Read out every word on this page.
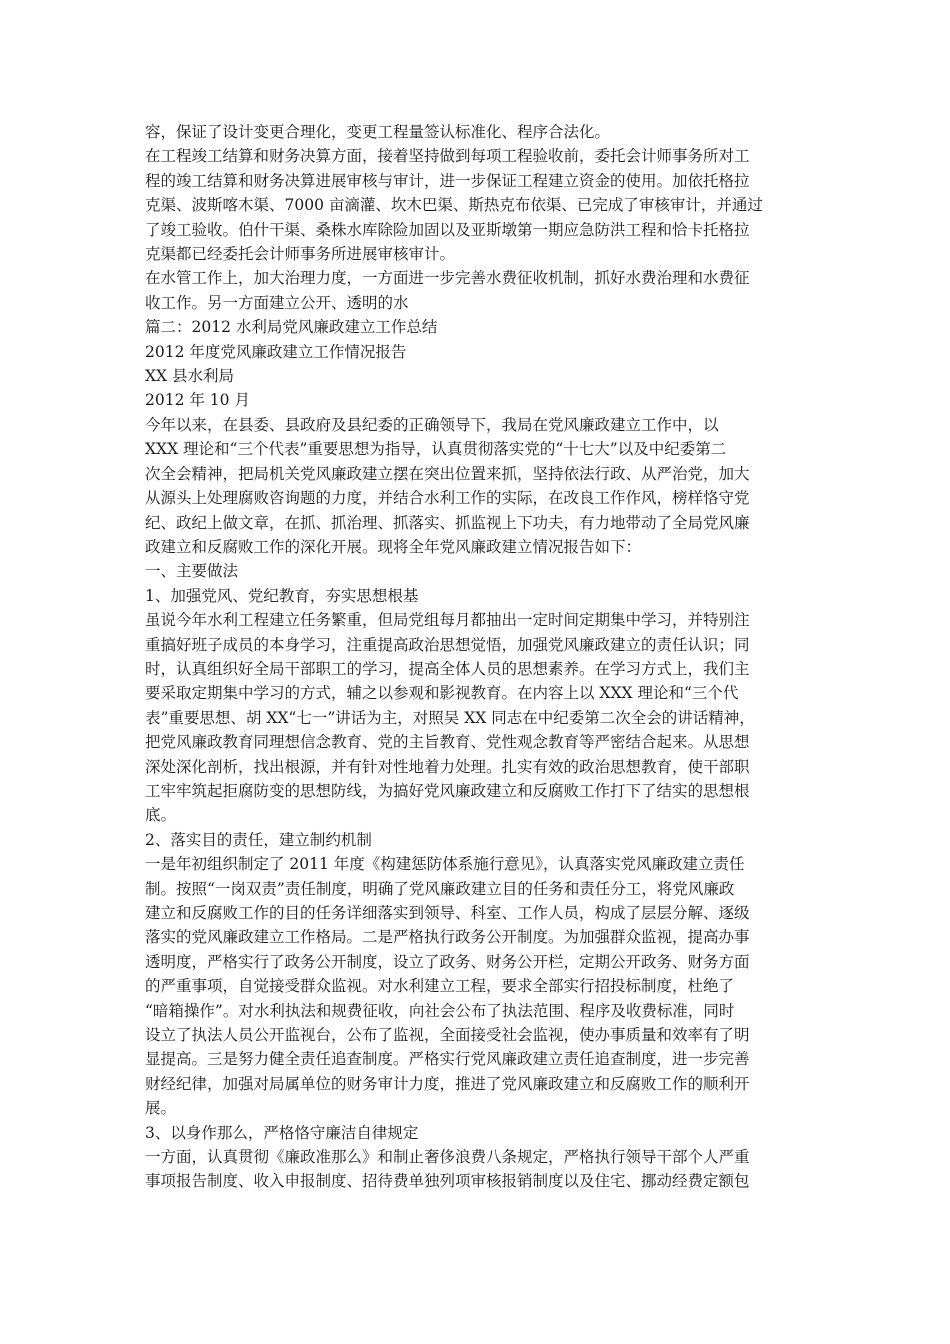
容，保证了设计变更合理化，变更工程量签认标准化、程序合法化。
在工程竣工结算和财务决算方面，接着坚持做到每项工程验收前，委托会计师事务所对工
程的竣工结算和财务决算进展审核与审计，进一步保证工程建立资金的使用。加依托格拉
克渠、波斯喀木渠、7000 亩滴灌、坎木巴渠、斯热克布依渠、已完成了审核审计，并通过
了竣工验收。伯什干渠、桑株水库除险加固以及亚斯墩第一期应急防洪工程和恰卡托格拉
克渠都已经委托会计师事务所进展审核审计。
在水管工作上，加大治理力度，一方面进一步完善水费征收机制，抓好水费治理和水费征
收工作。另一方面建立公开、透明的水
篇二：2012 水利局党风廉政建立工作总结
2012 年度党风廉政建立工作情况报告
XX 县水利局
2012 年 10 月
今年以来，在县委、县政府及县纪委的正确领导下，我局在党风廉政建立工作中，以
XXX 理论和“三个代表”重要思想为指导，认真贯彻落实党的“十七大”以及中纪委第二
次全会精神，把局机关党风廉政建立摆在突出位置来抓，坚持依法行政、从严治党，加大
从源头上处理腐败咨询题的力度，并结合水利工作的实际，在改良工作作风，榜样恪守党
纪、政纪上做文章，在抓、抓治理、抓落实、抓监视上下功夫，有力地带动了全局党风廉
政建立和反腐败工作的深化开展。现将全年党风廉政建立情况报告如下：
一、主要做法
1、加强党风、党纪教育，夯实思想根基
虽说今年水利工程建立任务繁重，但局党组每月都抽出一定时间定期集中学习，并特别注
重搞好班子成员的本身学习，注重提高政治思想觉悟，加强党风廉政建立的责任认识；同
时，认真组织好全局干部职工的学习，提高全体人员的思想素养。在学习方式上，我们主
要采取定期集中学习的方式，辅之以参观和影视教育。在内容上以 XXX 理论和“三个代
表”重要思想、胡 XX“七一”讲话为主，对照吴 XX 同志在中纪委第二次全会的讲话精神，
把党风廉政教育同理想信念教育、党的主旨教育、党性观念教育等严密结合起来。从思想
深处深化剖析，找出根源，并有针对性地着力处理。扎实有效的政治思想教育，使干部职
工牢牢筑起拒腐防变的思想防线，为搞好党风廉政建立和反腐败工作打下了结实的思想根
底。
2、落实目的责任，建立制约机制
一是年初组织制定了 2011 年度《构建惩防体系施行意见》，认真落实党风廉政建立责任
制。按照“一岗双责”责任制度，明确了党风廉政建立目的任务和责任分工，将党风廉政
建立和反腐败工作的目的任务详细落实到领导、科室、工作人员，构成了层层分解、逐级
落实的党风廉政建立工作格局。二是严格执行政务公开制度。为加强群众监视，提高办事
透明度，严格实行了政务公开制度，设立了政务、财务公开栏，定期公开政务、财务方面
的严重事项，自觉接受群众监视。对水利建立工程，要求全部实行招投标制度，杜绝了
“暗箱操作”。对水利执法和规费征收，向社会公布了执法范围、程序及收费标准，同时
设立了执法人员公开监视台，公布了监视，全面接受社会监视，使办事质量和效率有了明
显提高。三是努力健全责任追查制度。严格实行党风廉政建立责任追查制度，进一步完善
财经纪律，加强对局属单位的财务审计力度，推进了党风廉政建立和反腐败工作的顺利开
展。
3、以身作那么，严格恪守廉洁自律规定
一方面，认真贯彻《廉政准那么》和制止奢侈浪费八条规定，严格执行领导干部个人严重
事项报告制度、收入申报制度、招待费单独列项审核报销制度以及住宅、挪动经费定额包
